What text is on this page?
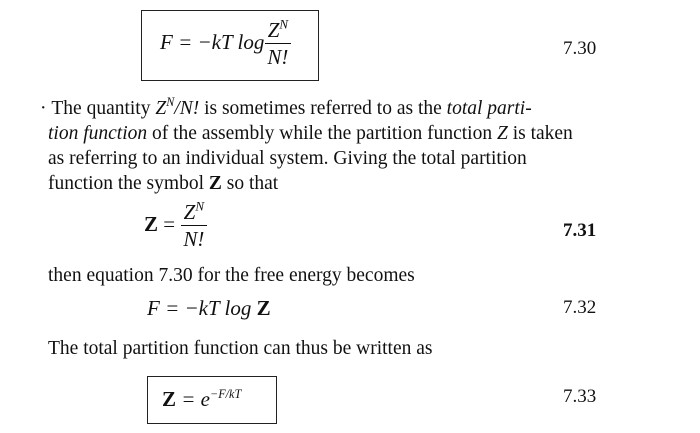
F = −kT $\log \frac{Z^N}{N!}$	7.30
· The quantity $Z^N/N$! is sometimes referred to as the total parti-
tion function of the assembly while the partition function Z is taken
as referring to an individual system. Giving the total partition
function the symbol Z so that
$Z = \frac{Z^N}{N!}$	7.31
then equation 7.30 for the free energy becomes
F = −kT log Z	7.32
The total partition function can thus be written as
$Z = e^{-F/kT}$	7.33
